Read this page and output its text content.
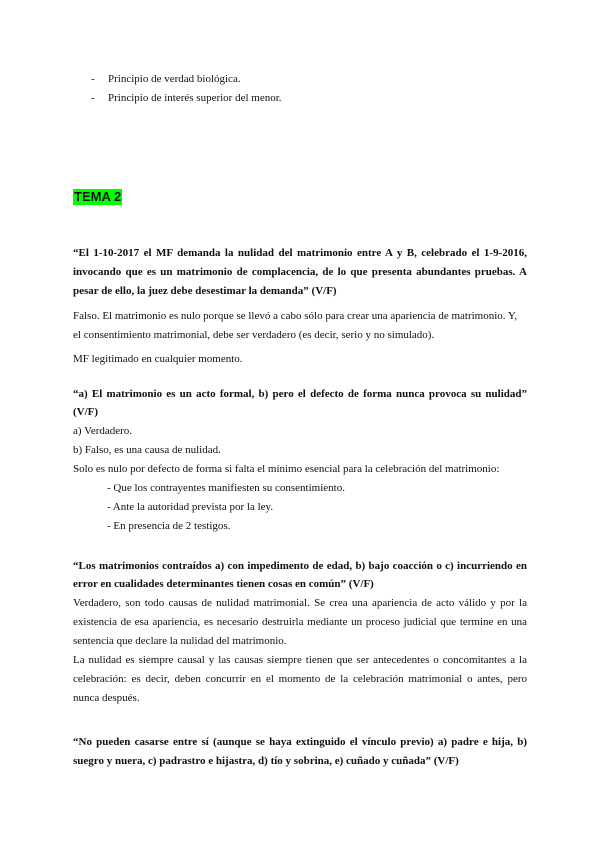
- Principio de verdad biológica.
- Principio de interés superior del menor.
TEMA 2
“El 1-10-2017 el MF demanda la nulidad del matrimonio entre A y B, celebrado el 1-9-2016,
invocando que es un matrimonio de complacencia, de lo que presenta abundantes pruebas. A
pesar de ello, la juez debe desestimar la demanda” (V/F)
Falso. El matrimonio es nulo porque se llevó a cabo sólo para crear una apariencia de matrimonio. Y,
el consentimiento matrimonial, debe ser verdadero (es decir, serio y no simulado).
MF legitimado en cualquier momento.
“a) El matrimonio es un acto formal, b) pero el defecto de forma nunca provoca su nulidad”
(V/F)
a) Verdadero.
b) Falso, es una causa de nulidad.
Solo es nulo por defecto de forma si falta el mínimo esencial para la celebración del matrimonio:
- Que los contrayentes manifiesten su consentimiento.
- Ante la autoridad prevista por la ley.
- En presencia de 2 testigos.
“Los matrimonios contraídos a) con impedimento de edad, b) bajo coacción o c) incurriendo en
error en cualidades determinantes tienen cosas en común” (V/F)
Verdadero, son todo causas de nulidad matrimonial. Se crea una apariencia de acto válido y por la
existencia de esa apariencia, es necesario destruirla mediante un proceso judicial que termine en una
sentencia que declare la nulidad del matrimonio.
La nulidad es siempre causal y las causas siempre tienen que ser antecedentes o concomitantes a la
celebración: es decir, deben concurrir en el momento de la celebración matrimonial o antes, pero
nunca después.
“No pueden casarse entre sí (aunque se haya extinguido el vínculo previo) a) padre e hija, b)
suegro y nuera, c) padrastro e hijastra, d) tío y sobrina, e) cuñado y cuñada” (V/F)
